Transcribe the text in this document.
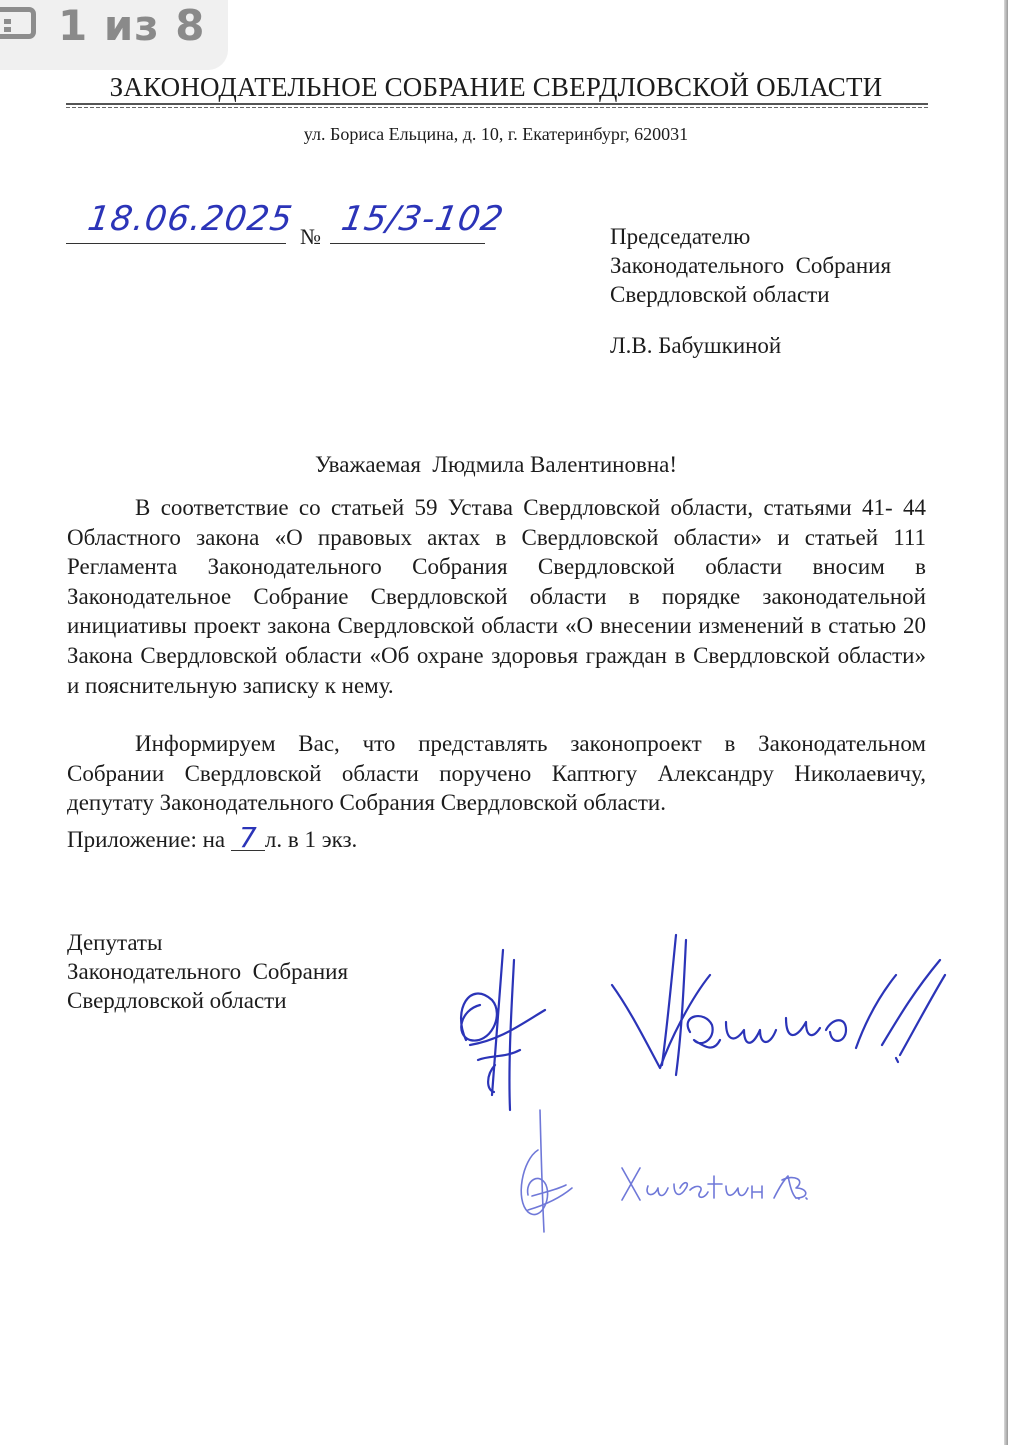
1 из 8
ЗАКОНОДАТЕЛЬНОЕ СОБРАНИЕ СВЕРДЛОВСКОЙ ОБЛАСТИ
ул. Бориса Ельцина, д. 10, г. Екатеринбург, 620031
18.06.2025 № 15/3-102	Председателю
Законодательного  Собрания
Свердловской области
Л.В. Бабушкиной
Уважаемая  Людмила Валентиновна!
В соответствие со статьей 59 Устава Свердловской области, статьями 41- 44 Областного закона «О правовых актах в Свердловской области» и статьей 111 Регламента Законодательного Собрания Свердловской области вносим в Законодательное Собрание Свердловской области в порядке законодательной инициативы проект закона Свердловской области «О внесении изменений в статью 20 Закона Свердловской области «Об охране здоровья граждан в Свердловской области» и пояснительную записку к нему.
Информируем Вас, что представлять законопроект в Законодательном Собрании Свердловской области поручено Каптюгу Александру Николаевичу, депутату Законодательного Собрания Свердловской области.
Приложение: на 7 л. в 1 экз.
Депутаты
Законодательного  Собрания
Свердловской области
